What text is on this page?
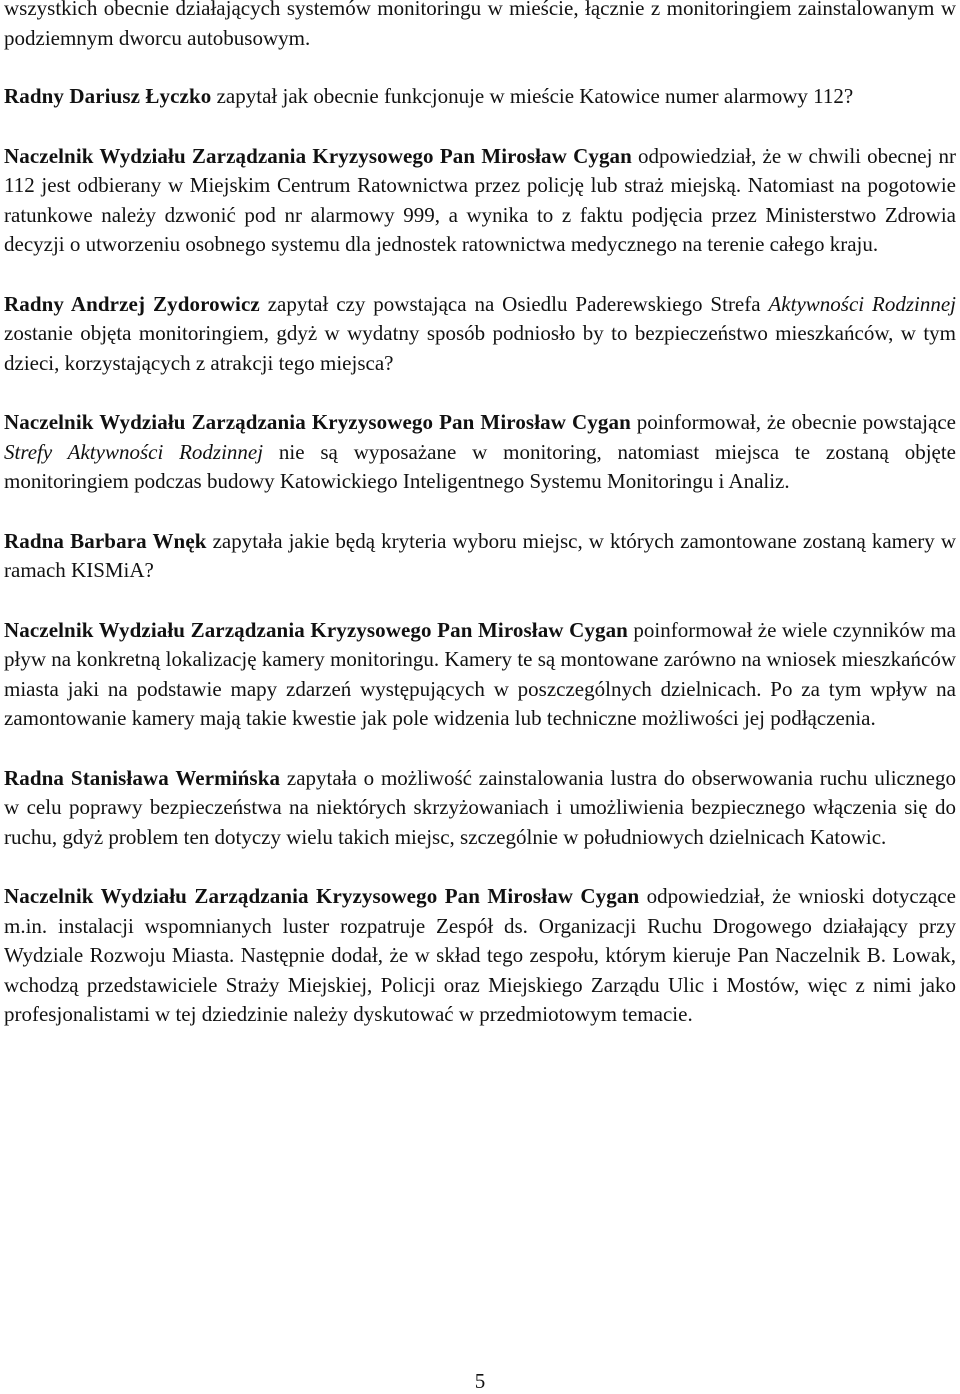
wszystkich obecnie działających systemów monitoringu w mieście, łącznie z monitoringiem zainstalowanym w podziemnym dworcu autobusowym.

Radny Dariusz Łyczko zapytał jak obecnie funkcjonuje w mieście Katowice numer alarmowy 112?

Naczelnik Wydziału Zarządzania Kryzysowego Pan Mirosław Cygan odpowiedział, że w chwili obecnej nr 112 jest odbierany w Miejskim Centrum Ratownictwa przez policję lub straż miejską. Natomiast na pogotowie ratunkowe należy dzwonić pod nr alarmowy 999, a wynika to z faktu podjęcia przez Ministerstwo Zdrowia decyzji o utworzeniu osobnego systemu dla jednostek ratownictwa medycznego na terenie całego kraju.

Radny Andrzej Zydorowicz zapytał czy powstająca na Osiedlu Paderewskiego Strefa Aktywności Rodzinnej zostanie objęta monitoringiem, gdyż w wydatny sposób podniosło by to bezpieczeństwo mieszkańców, w tym dzieci, korzystających z atrakcji tego miejsca?

Naczelnik Wydziału Zarządzania Kryzysowego Pan Mirosław Cygan poinformował, że obecnie powstające Strefy Aktywności Rodzinnej nie są wyposażane w monitoring, natomiast miejsca te zostaną objęte monitoringiem podczas budowy Katowickiego Inteligentnego Systemu Monitoringu i Analiz.

Radna Barbara Wnęk zapytała jakie będą kryteria wyboru miejsc, w których zamontowane zostaną kamery w ramach KISMiA?

Naczelnik Wydziału Zarządzania Kryzysowego Pan Mirosław Cygan poinformował że wiele czynników ma pływ na konkretną lokalizację kamery monitoringu. Kamery te są montowane zarówno na wniosek mieszkańców miasta jaki na podstawie mapy zdarzeń występujących w poszczególnych dzielnicach. Po za tym wpływ na zamontowanie kamery mają takie kwestie jak pole widzenia lub techniczne możliwości jej podłączenia.

Radna Stanisława Wermińska zapytała o możliwość zainstalowania lustra do obserwowania ruchu ulicznego w celu poprawy bezpieczeństwa na niektórych skrzyżowaniach i umożliwienia bezpiecznego włączenia się do ruchu, gdyż problem ten dotyczy wielu takich miejsc, szczególnie w południowych dzielnicach Katowic.

Naczelnik Wydziału Zarządzania Kryzysowego Pan Mirosław Cygan odpowiedział, że wnioski dotyczące m.in. instalacji wspomnianych luster rozpatruje Zespół ds. Organizacji Ruchu Drogowego działający przy Wydziale Rozwoju Miasta. Następnie dodał, że w skład tego zespołu, którym kieruje Pan Naczelnik B. Lowak, wchodzą przedstawiciele Straży Miejskiej, Policji oraz Miejskiego Zarządu Ulic i Mostów, więc z nimi jako profesjonalistami w tej dziedzinie należy dyskutować w przedmiotowym temacie.

5
